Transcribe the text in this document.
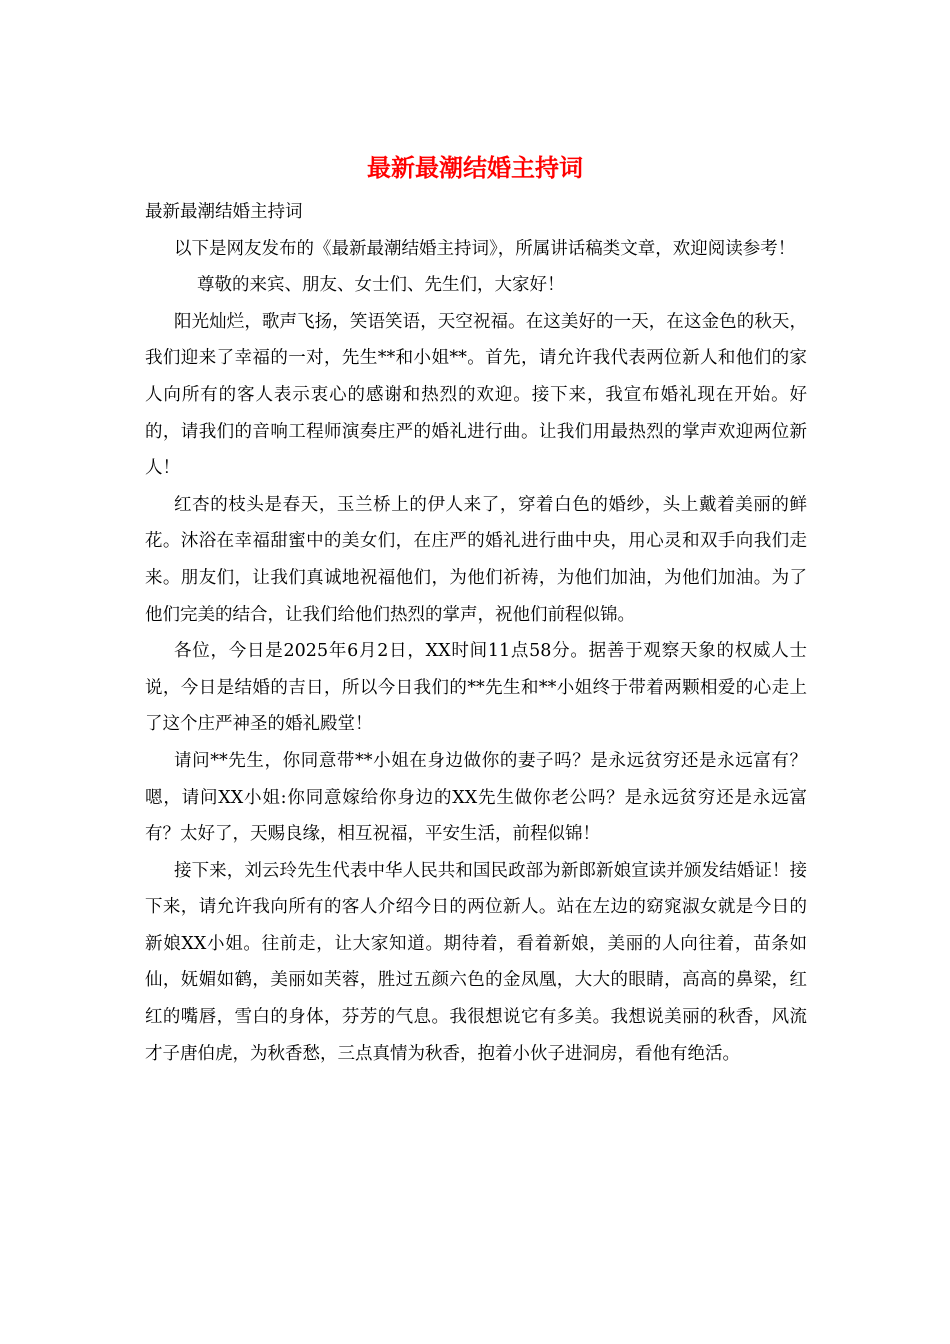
最新最潮结婚主持词

最新最潮结婚主持词

以下是网友发布的《最新最潮结婚主持词》，所属讲话稿类文章，欢迎阅读参考！

尊敬的来宾、朋友、女士们、先生们，大家好！

阳光灿烂，歌声飞扬，笑语笑语，天空祝福。在这美好的一天，在这金色的秋天，我们迎来了幸福的一对，先生**和小姐**。首先，请允许我代表两位新人和他们的家人向所有的客人表示衷心的感谢和热烈的欢迎。接下来，我宣布婚礼现在开始。好的，请我们的音响工程师演奏庄严的婚礼进行曲。让我们用最热烈的掌声欢迎两位新人！

红杏的枝头是春天，玉兰桥上的伊人来了，穿着白色的婚纱，头上戴着美丽的鲜花。沐浴在幸福甜蜜中的美女们，在庄严的婚礼进行曲中央，用心灵和双手向我们走来。朋友们，让我们真诚地祝福他们，为他们祈祷，为他们加油，为他们加油。为了他们完美的结合，让我们给他们热烈的掌声，祝他们前程似锦。

各位，今日是2025年6月2日，XX时间11点58分。据善于观察天象的权威人士说，今日是结婚的吉日，所以今日我们的**先生和**小姐终于带着两颗相爱的心走上了这个庄严神圣的婚礼殿堂！

请问**先生，你同意带**小姐在身边做你的妻子吗？是永远贫穷还是永远富有？嗯，请问XX小姐:你同意嫁给你身边的XX先生做你老公吗？是永远贫穷还是永远富有？太好了，天赐良缘，相互祝福，平安生活，前程似锦！

接下来，刘云玲先生代表中华人民共和国民政部为新郎新娘宣读并颁发结婚证！接下来，请允许我向所有的客人介绍今日的两位新人。站在左边的窈窕淑女就是今日的新娘XX小姐。往前走，让大家知道。期待着，看着新娘，美丽的人向往着，苗条如仙，妩媚如鹤，美丽如芙蓉，胜过五颜六色的金凤凰，大大的眼睛，高高的鼻梁，红红的嘴唇，雪白的身体，芬芳的气息。我很想说它有多美。我想说美丽的秋香，风流才子唐伯虎，为秋香愁，三点真情为秋香，抱着小伙子进洞房，看他有绝活。
